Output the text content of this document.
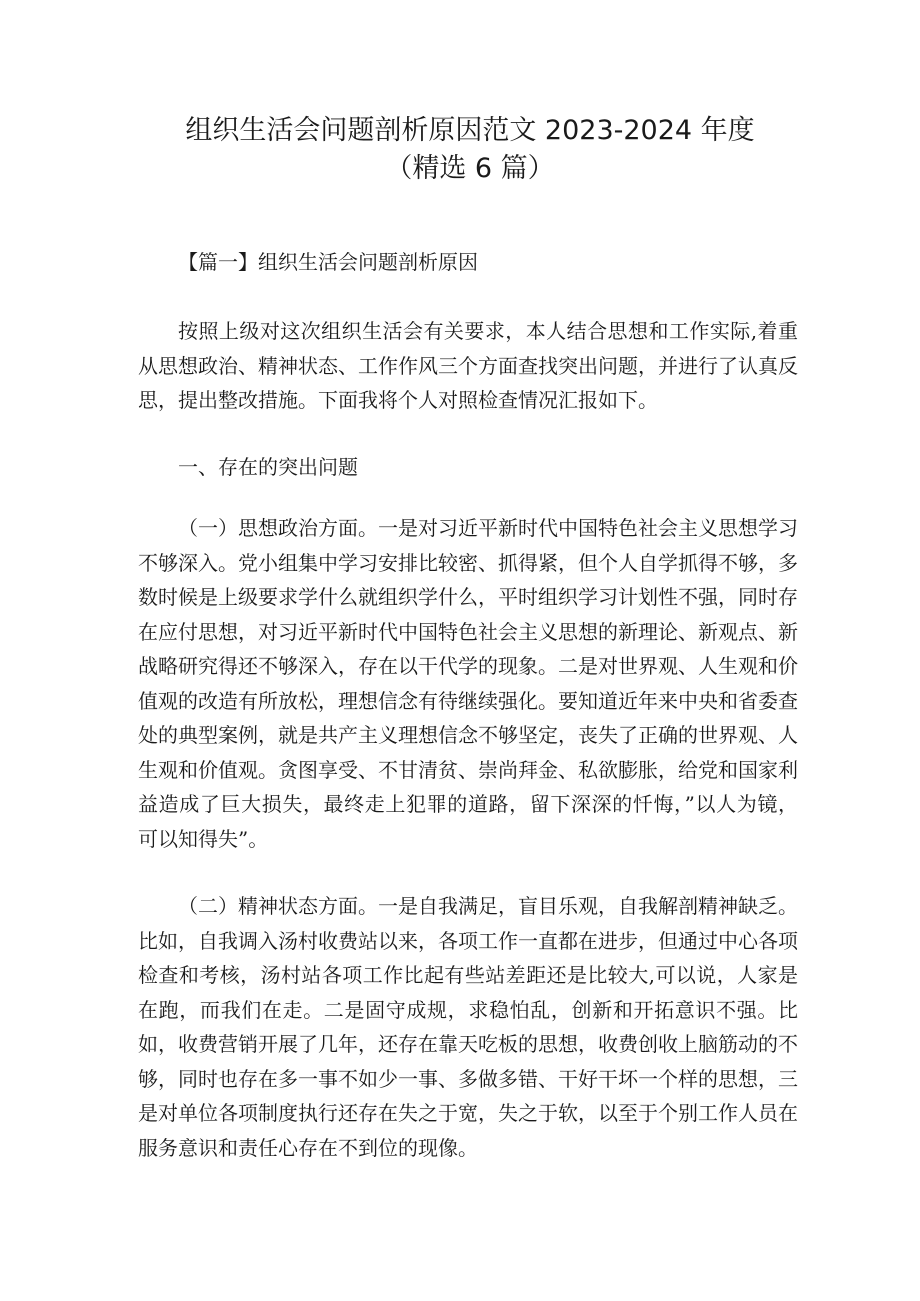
组织生活会问题剖析原因范文 2023-2024 年度（精选 6 篇）

【篇一】组织生活会问题剖析原因

按照上级对这次组织生活会有关要求，本人结合思想和工作实际,着重从思想政治、精神状态、工作作风三个方面查找突出问题，并进行了认真反思，提出整改措施。下面我将个人对照检查情况汇报如下。

一、存在的突出问题

（一）思想政治方面。一是对习近平新时代中国特色社会主义思想学习不够深入。党小组集中学习安排比较密、抓得紧，但个人自学抓得不够，多数时候是上级要求学什么就组织学什么，平时组织学习计划性不强，同时存在应付思想，对习近平新时代中国特色社会主义思想的新理论、新观点、新战略研究得还不够深入，存在以干代学的现象。二是对世界观、人生观和价值观的改造有所放松，理想信念有待继续强化。要知道近年来中央和省委查处的典型案例，就是共产主义理想信念不够坚定，丧失了正确的世界观、人生观和价值观。贪图享受、不甘清贫、崇尚拜金、私欲膨胀，给党和国家利益造成了巨大损失，最终走上犯罪的道路，留下深深的忏悔，”以人为镜，可以知得失”。

（二）精神状态方面。一是自我满足，盲目乐观，自我解剖精神缺乏。比如，自我调入汤村收费站以来，各项工作一直都在进步，但通过中心各项检查和考核，汤村站各项工作比起有些站差距还是比较大,可以说，人家是在跑，而我们在走。二是固守成规，求稳怕乱，创新和开拓意识不强。比如，收费营销开展了几年，还存在靠天吃板的思想，收费创收上脑筋动的不够，同时也存在多一事不如少一事、多做多错、干好干坏一个样的思想，三是对单位各项制度执行还存在失之于宽，失之于软，以至于个别工作人员在服务意识和责任心存在不到位的现像。
